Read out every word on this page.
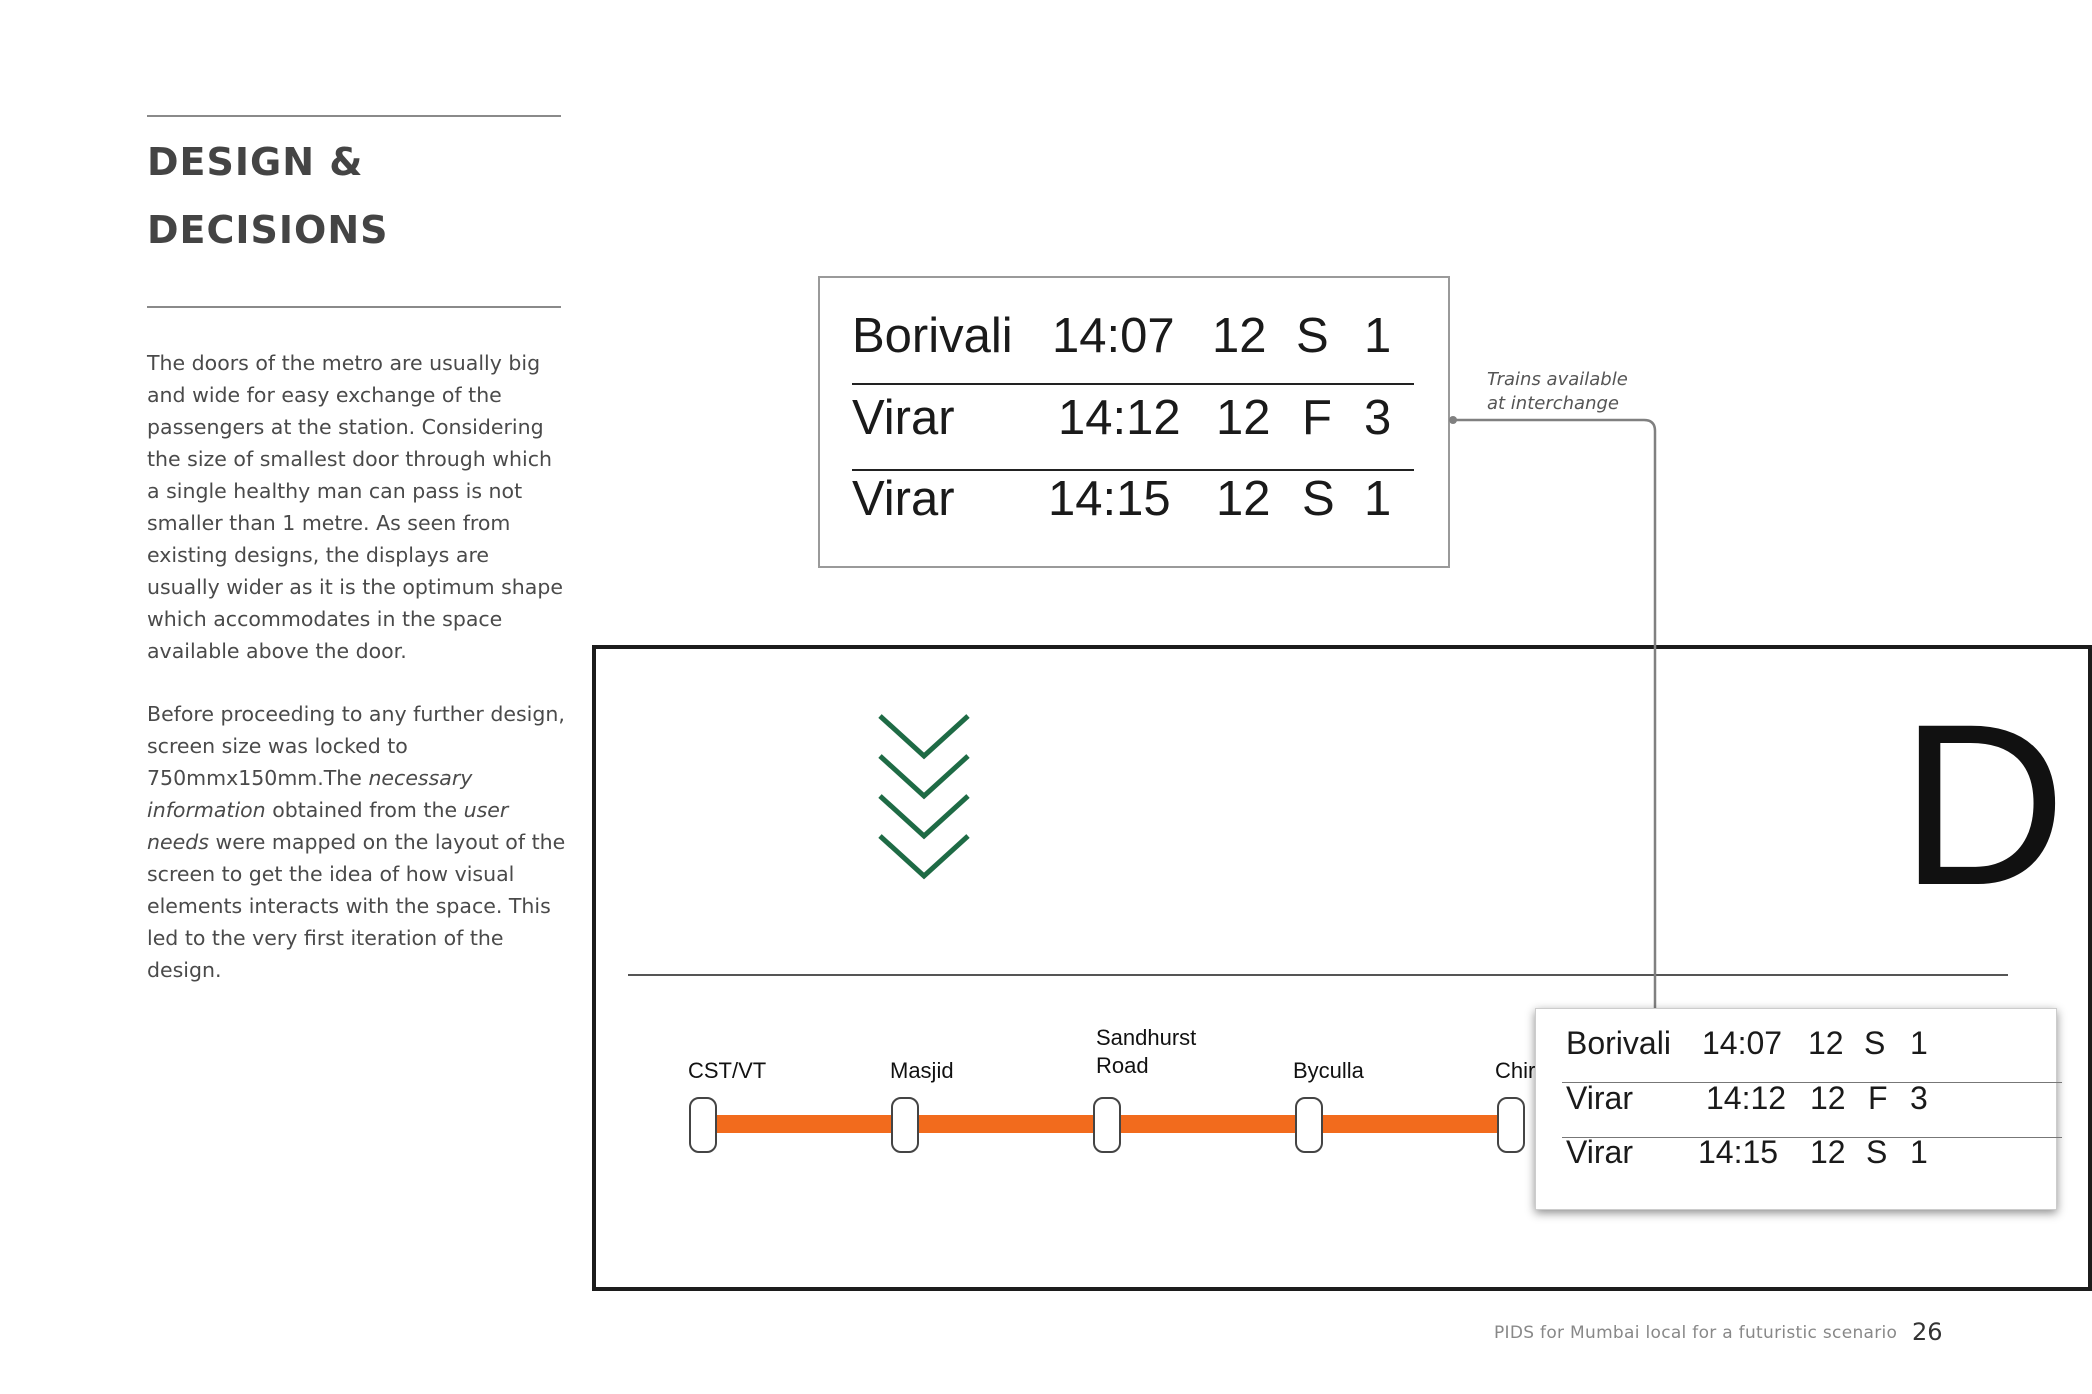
DESIGN &
DECISIONS

The doors of the metro are usually big and wide for easy exchange of the passengers at the station. Considering the size of smallest door through which a single healthy man can pass is not smaller than 1 metre. As seen from existing designs, the displays are usually wider as it is the optimum shape which accommodates in the space available above the door.

Before proceeding to any further design, screen size was locked to 750mmx150mm.The necessary information obtained from the user needs were mapped on the layout of the screen to get the idea of how visual elements interacts with the space. This led to the very first iteration of the design.

Borivali 14:07 12 S 1
Virar 14:12 12 F 3
Virar 14:15 12 S 1
Trains available
at interchange
D
CST/VT	Masjid
Sandhurst
Road	Byculla	Chir
Borivali 14:07 12 S 1
Virar 14:12 12 F 3
Virar 14:15 12 S 1
PIDS for Mumbai local for a futuristic scenario 26
